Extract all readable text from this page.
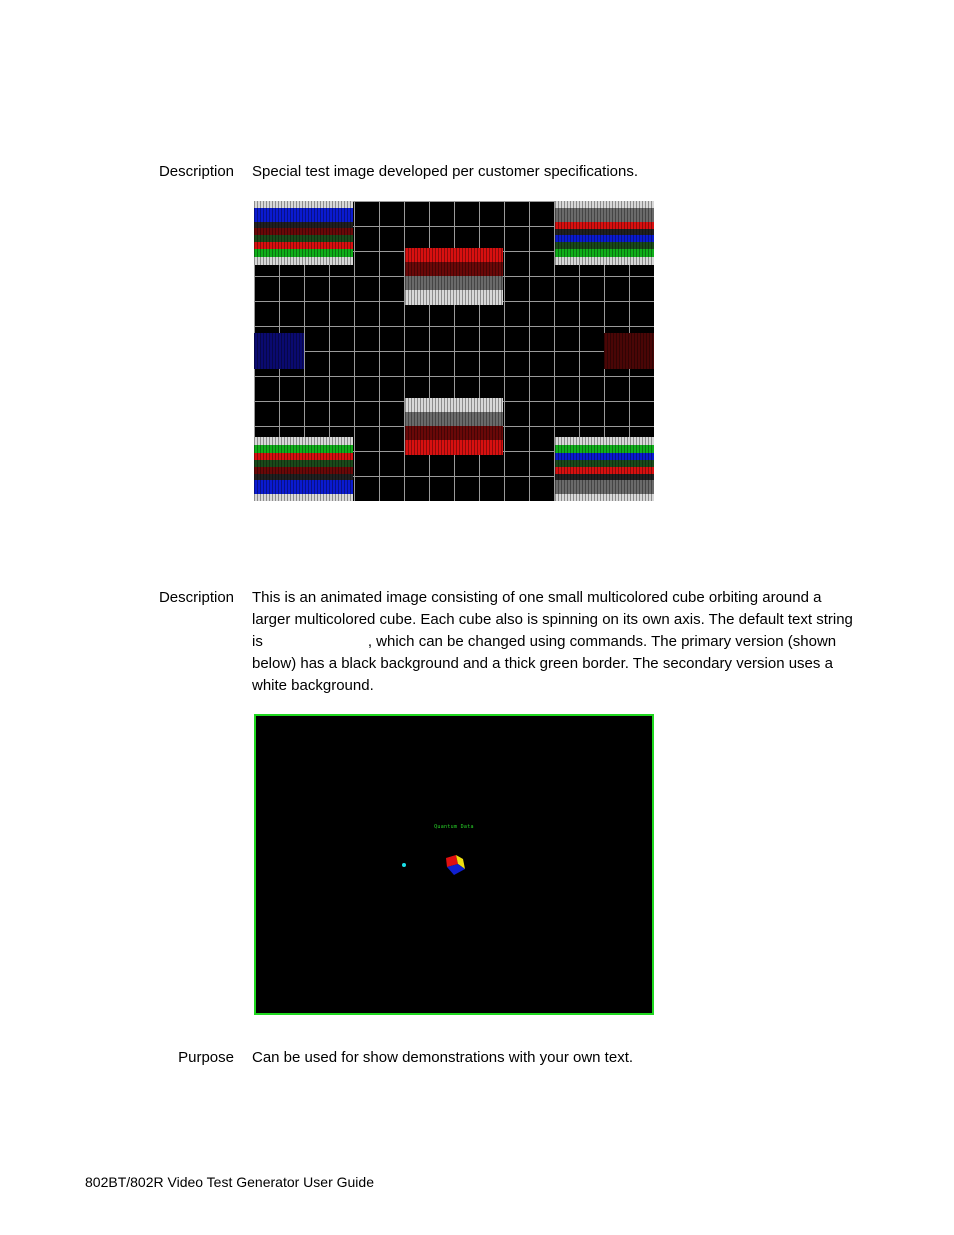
Description Special test image developed per customer specifications.
Description This is an animated image consisting of one small multicolored cube orbiting around a
larger multicolored cube. Each cube also is spinning on its own axis. The default text string
is	, which can be changed using commands. The primary version (shown
below) has a black background and a thick green border. The secondary version uses a
white background.
Quantum Data
Purpose Can be used for show demonstrations with your own text.
802BT/802R Video Test Generator User Guide
